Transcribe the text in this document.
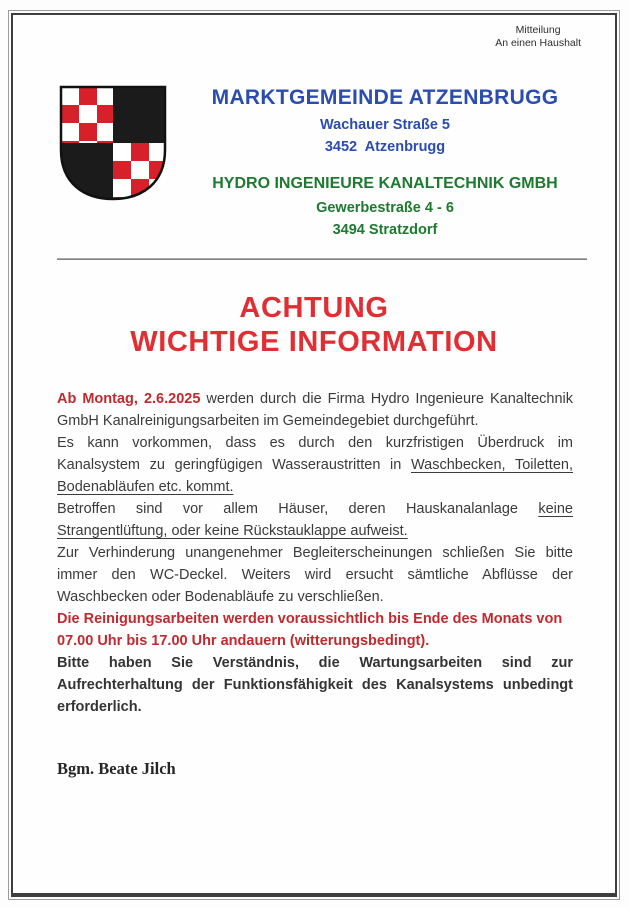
Mitteilung
An einen Haushalt
MARKTGEMEINDE ATZENBRUGG
Wachauer Straße 5
3452  Atzenbrugg
HYDRO INGENIEURE KANALTECHNIK GMBH
Gewerbestraße 4 - 6
3494 Stratzdorf
ACHTUNG
WICHTIGE INFORMATION

Ab Montag, 2.6.2025 werden durch die Firma Hydro Ingenieure Kanaltechnik GmbH Kanalreinigungsarbeiten im Gemeindegebiet durchgeführt.

Es kann vorkommen, dass es durch den kurzfristigen Überdruck im Kanalsystem zu geringfügigen Wasseraustritten in Waschbecken, Toiletten, Bodenabläufen etc. kommt.

Betroffen sind vor allem Häuser, deren Hauskanalanlage keine Strangentlüftung, oder keine Rückstauklappe aufweist.

Zur Verhinderung unangenehmer Begleiterscheinungen schließen Sie bitte immer den WC-Deckel. Weiters wird ersucht sämtliche Abflüsse der Waschbecken oder Bodenabläufe zu verschließen.

Die Reinigungsarbeiten werden voraussichtlich bis Ende des Monats von 07.00 Uhr bis 17.00 Uhr andauern (witterungsbedingt).

Bitte haben Sie Verständnis, die Wartungsarbeiten sind zur Aufrechterhaltung der Funktionsfähigkeit des Kanalsystems unbedingt erforderlich.

Bgm. Beate Jilch
